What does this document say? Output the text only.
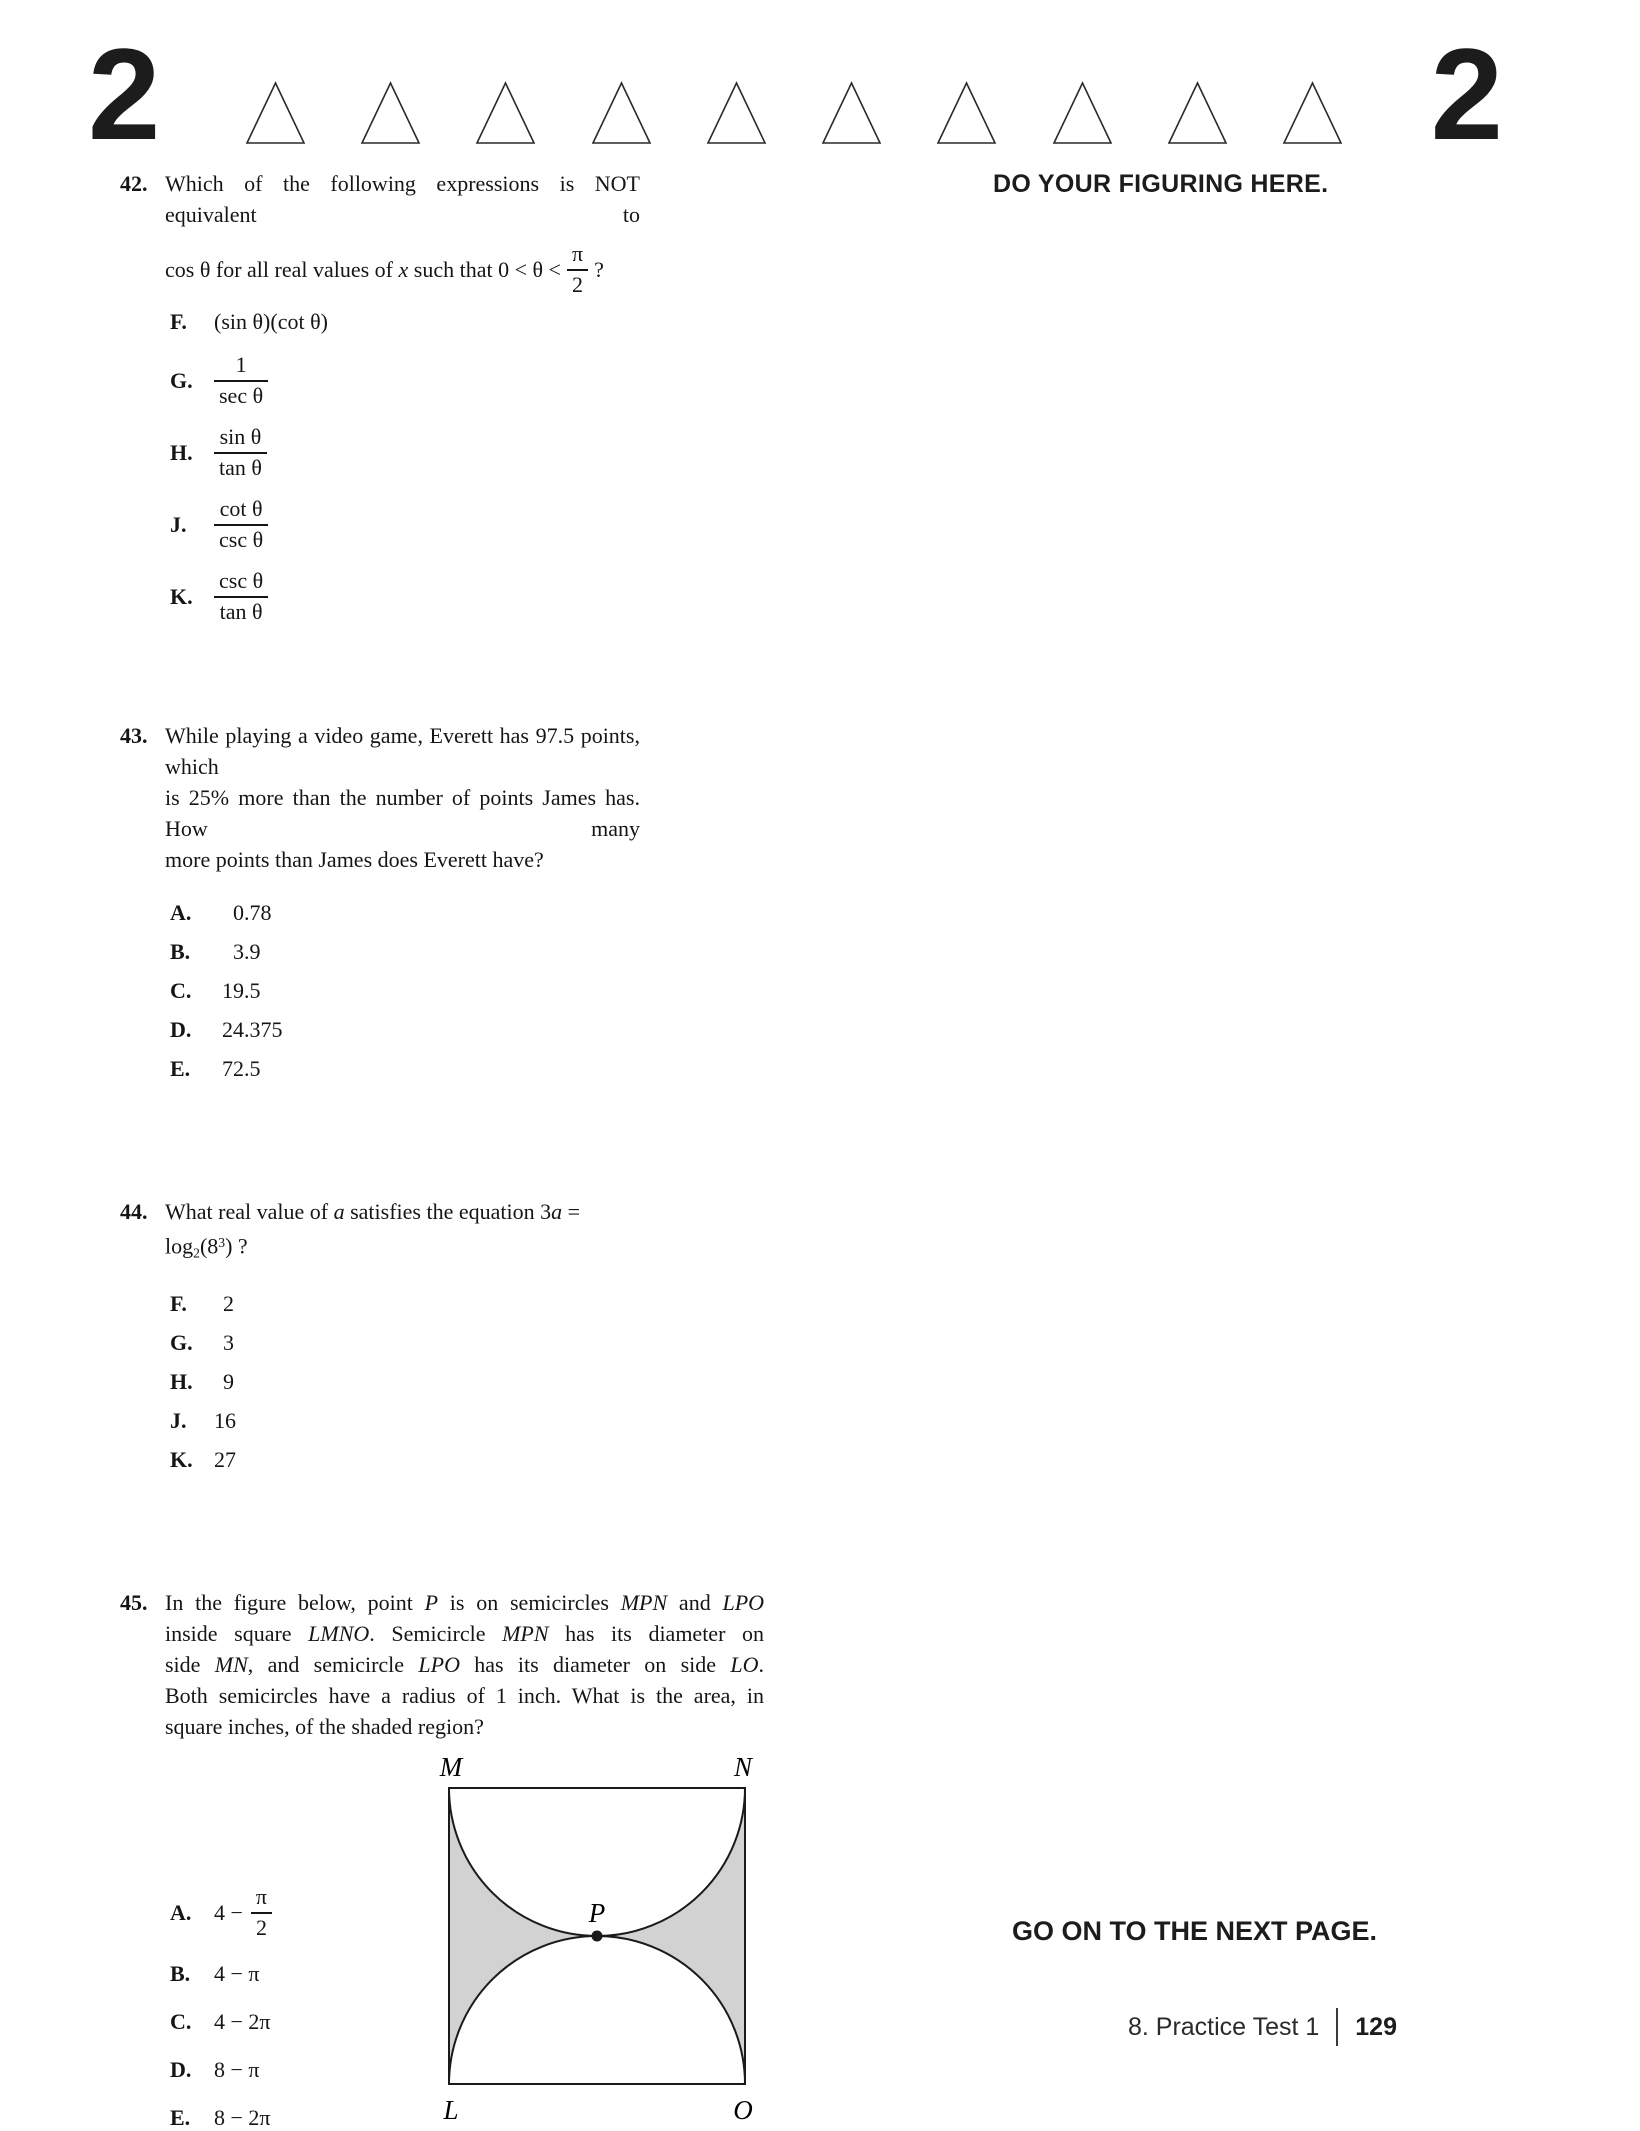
2	2
DO YOUR FIGURING HERE.
42. Which of the following expressions is NOT equivalent to
cos θ for all real values of x such that $0 < \theta < \frac{\pi}{2}$ ?
F.	(sin θ)(cot θ)
G. $\frac{1}{\text{sec θ}}$
H. $\frac{\text{sin θ}}{\text{tan θ}}$
J.	$\frac{\text{cot θ}}{\text{csc θ}}$
K. $\frac{\text{csc θ}}{\text{tan θ}}$
43. While playing a video game, Everett has 97.5 points, which
is 25% more than the number of points James has. How many
more points than James does Everett have?
A.	0.78
B.	3.9
C.	19.5
D.	24.375
E.	72.5
44. What real value of a satisfies the equation $3a = \log_2(8^3)$ ?
F.	2
G.	3
H.	9
J.	16
K. 27
45. In the figure below, point P is on semicircles MPN and LPO
inside square LMNO. Semicircle MPN has its diameter on
side MN, and semicircle LPO has its diameter on side LO.
Both semicircles have a radius of 1 inch. What is the area, in
square inches, of the shaded region?
A.	$4 - \frac{\pi}{2}$
B.	4 − π
C.	4 − 2π
D.	8 − π
E.	8 − 2π
M	N
P
L	O
GO ON TO THE NEXT PAGE.
8. Practice Test 1 129
